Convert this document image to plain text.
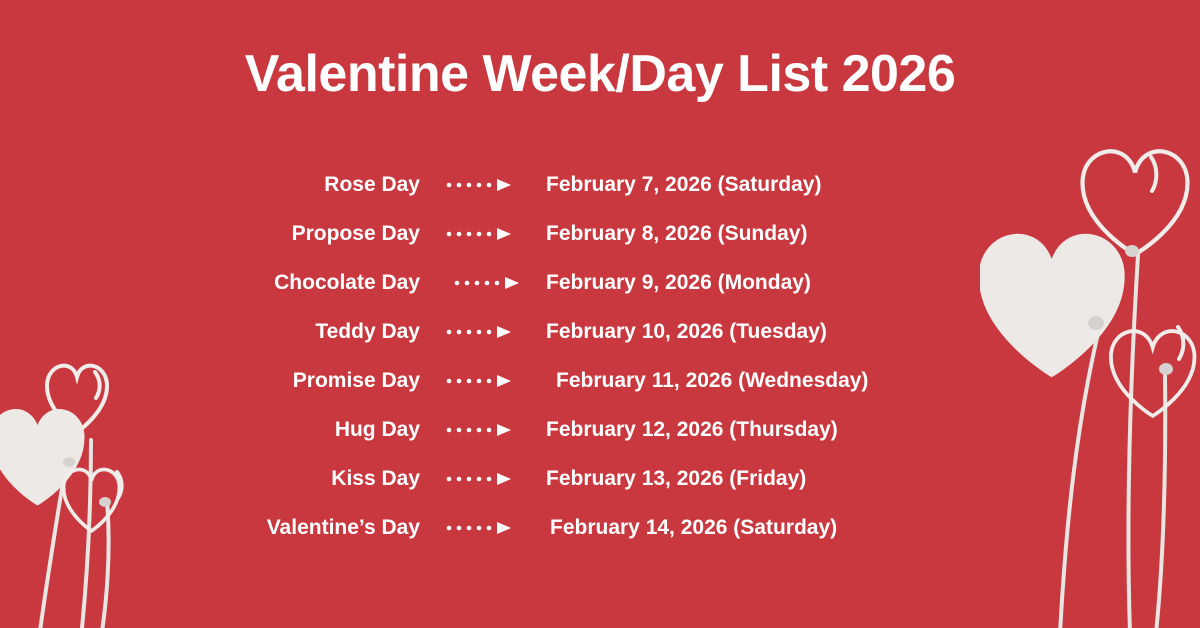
Valentine Week/Day List 2026
Rose Day	February 7, 2026 (Saturday)
Propose Day	February 8, 2026 (Sunday)
Chocolate Day	February 9, 2026 (Monday)
Teddy Day	February 10, 2026 (Tuesday)
Promise Day	February 11, 2026 (Wednesday)
Hug Day	February 12, 2026 (Thursday)
Kiss Day	February 13, 2026 (Friday)
Valentine’s Day	February 14, 2026 (Saturday)
